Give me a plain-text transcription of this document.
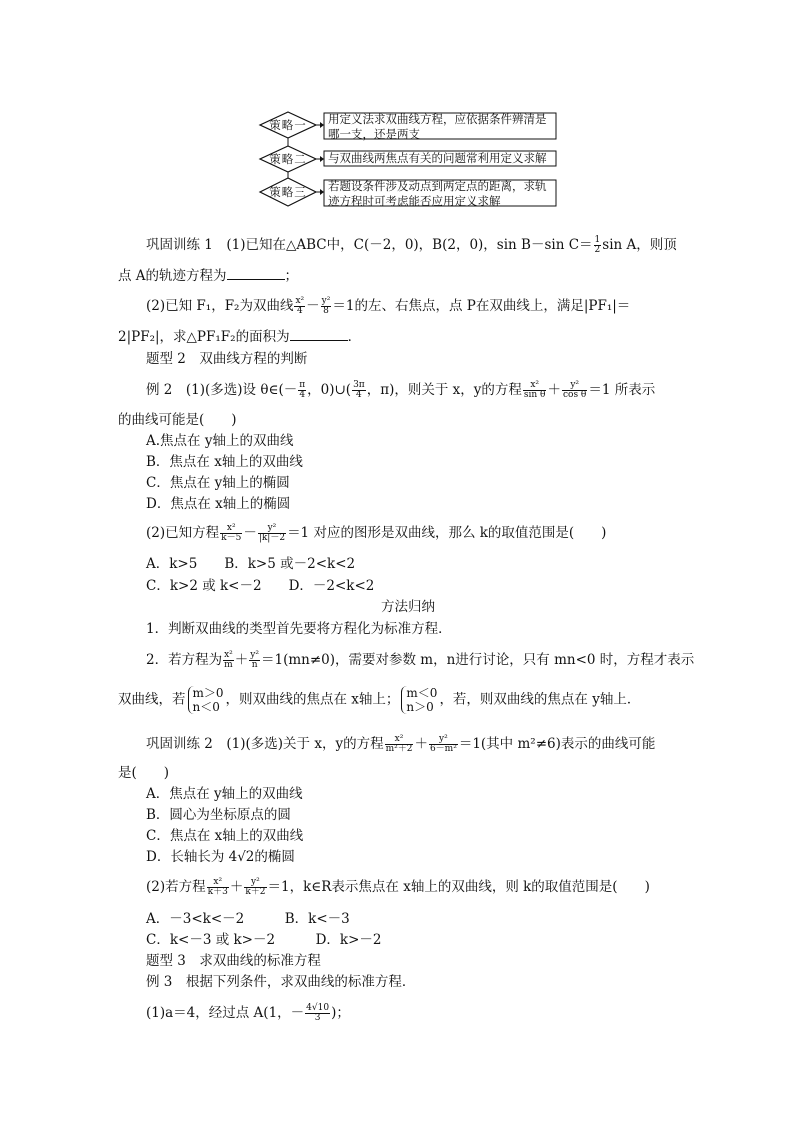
策略一
策略二
策略三
用定义法求双曲线方程，应依据条件辨清是哪一支，还是两支
与双曲线两焦点有关的问题常利用定义求解
若题设条件涉及动点到两定点的距离，求轨迹方程时可考虑能否应用定义求解
巩固训练 1　(1)已知在△ABC中，C(－2，0)，B(2，0)，sin B－sin $C= \frac{1}{2}$ sin A，则顶
点 A的轨迹方程为	；
(2)已知 F₁，F₂为双曲线 $\frac{\text{x²}}{4} - \frac{\text{y²}}{8} =1$的左、右焦点，点 P在双曲线上，满足|PF₁|＝
2|PF₂|，求△PF₁F₂的面积为	．
题型 2　双曲线方程的判断
例 2　(1)(多选)设 θ∈(－ $\frac{\pi}{4}$ ，0)∪( $\frac{3\pi}{4}$ ，π)，则关于 x，y的方程 $\frac{\text{x²}}{\text{sin θ}} + \frac{\text{y²}}{\text{cos θ}} =1$ 所表示
的曲线可能是(　　)
A.焦点在 y轴上的双曲线
B．焦点在 x轴上的双曲线
C．焦点在 y轴上的椭圆
D．焦点在 x轴上的椭圆
(2)已知方程 $\frac{\text{x²}}{k-5} - \frac{\text{y²}}{|k|-2} =1$ 对应的图形是双曲线，那么 k的取值范围是(　　)
A．k>5　　B．k>5 或－2<k<2
C．k>2 或 k<－2　　D．－2<k<2
方法归纳
1．判断双曲线的类型首先要将方程化为标准方程．
2．若方程为 $\frac{\text{x²}}{m} + \frac{\text{y²}}{n} =1(mn\ne 0)$，需要对参数 m，n进行讨论，只有 mn<0 时，方程才表示
双曲线，若 m＞0
n＜0 ，则双曲线的焦点在 x轴上； m＜0
n＞0 ，若，则双曲线的焦点在 y轴上．
巩固训练 2　(1)(多选)关于 x，y的方程 $\frac{\text{x²}}{\text{m²＋2}} + \frac{\text{y²}}{\text{6－m²}} =1$(其中 m²≠6)表示的曲线可能
是(　　)
A．焦点在 y轴上的双曲线
B．圆心为坐标原点的圆
C．焦点在 x轴上的双曲线
D．长轴长为 4√2的椭圆
(2)若方程 $\frac{\text{x²}}{k+3} + \frac{\text{y²}}{k+2} =1$，k∈R表示焦点在 x轴上的双曲线，则 k的取值范围是(　　)
A．－3<k<－2　　　B．k<－3
C．k<－3 或 k>－2　　　D．k>－2
题型 3　求双曲线的标准方程
例 3　根据下列条件，求双曲线的标准方程．
(1)a＝4，经过点 A(1，－ $\frac{4√10}{3}$ )；
